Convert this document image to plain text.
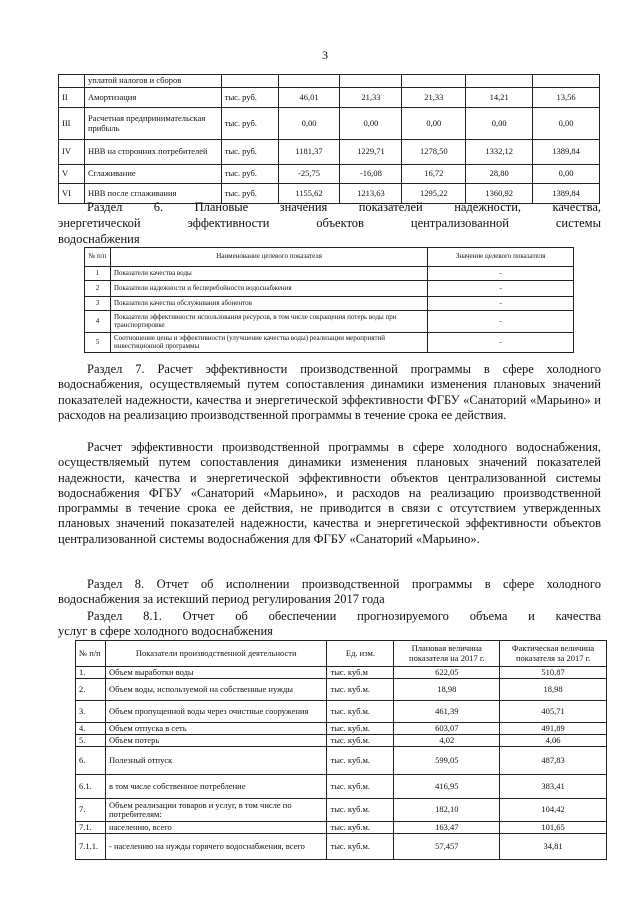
3
	уплатой налогов и сборов						
II	Амортизация	тыс. руб.	46,01	21,33	21,33	14,21	13,56
III	Расчетная предпринимательская прибыль	тыс. руб.	0,00	0,00	0,00	0,00	0,00
IV	НВВ на сторонних потребителей	тыс. руб.	1181,37	1229,71	1278,50	1332,12	1389,84
V	Сглаживание	тыс. руб.	-25,75	-16,08	16,72	28,80	0,00
VI	НВВ после сглаживания	тыс. руб.	1155,62	1213,63	1295,22	1360,92	1389,84
Раздел 6. Плановые значения показателей надежности, качества,
энергетической эффективности объектов централизованной системы
водоснабжения
№ п/п	Наименование целевого показателя	Значение целевого показателя
1	Показатели качества воды	-
2	Показатели надежности и бесперебойности водоснабжения	-
3	Показатели качества обслуживания абонентов	-
4	Показатели эффективности использования ресурсов, в том числе сокращения потерь воды при транспортировке	-
5	Соотношение цены и эффективности (улучшение качества воды) реализации мероприятий инвестиционной программы	-
Раздел 7. Расчет эффективности производственной программы в сфере холодного водоснабжения, осуществляемый путем сопоставления динамики изменения плановых значений показателей надежности, качества и энергетической эффективности ФГБУ «Санаторий «Марьино» и расходов на реализацию производственной программы в течение срока ее действия.
Расчет эффективности производственной программы в сфере холодного водоснабжения, осуществляемый путем сопоставления динамики изменения плановых значений показателей надежности, качества и энергетической эффективности объектов централизованной системы водоснабжения ФГБУ «Санаторий «Марьино», и расходов на реализацию производственной программы в течение срока ее действия, не приводится в связи с отсутствием утвержденных плановых значений показателей надежности, качества и энергетической эффективности объектов централизованной системы водоснабжения для ФГБУ «Санаторий «Марьино».
Раздел 8. Отчет об исполнении производственной программы в сфере холодного водоснабжения за истекший период регулирования 2017 года
Раздел 8.1. Отчет об обеспечении прогнозируемого объема и качества
услуг в сфере холодного водоснабжения
№ п/п	Показатели производственной деятельности	Ед. изм.	Плановая величина показателя на 2017 г.	Фактическая величина показателя за 2017 г.
1.	Объем выработки воды	тыс. куб.м	622,05	510,87
2.	Объем воды, используемой на собственные нужды	тыс. куб.м.	18,98	18,98
3.	Объем пропущенной воды через очистные сооружения	тыс. куб.м.	461,39	405,71
4.	Объем отпуска в сеть	тыс. куб.м.	603,07	491,89
5.	Объем потерь	тыс. куб.м.	4,02	4,06
6.	Полезный отпуск	тыс. куб.м.	599,05	487,83
6.1.	в том числе собственное потребление	тыс. куб.м.	416,95	383,41
7.	Объем реализации товаров и услуг, в том числе по потребителям:	тыс. куб.м.	182,10	104,42
7.1.	населению, всего	тыс. куб.м.	163,47	101,65
7.1.1.	- населению на нужды горячего водоснабжения, всего	тыс. куб.м.	57,457	34,81
